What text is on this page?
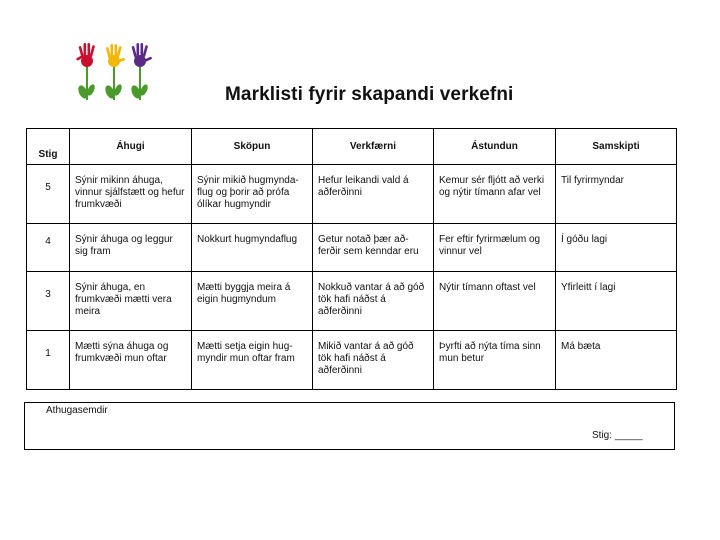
Marklisti fyrir skapandi verkefni
Stig	Áhugi	Sköpun	Verkfærni	Ástundun	Samskipti
5	Sýnir mikinn áhuga, vinnur sjálfstætt og hefur frumkvæði	Sýnir mikið hugmynda-flug og þorir að prófa ólíkar hugmyndir	Hefur leikandi vald á aðferðinni	Kemur sér fljótt að verki og nýtir tímann afar vel	Til fyrirmyndar
4	Sýnir áhuga og leggur sig fram	Nokkurt hugmyndaflug	Getur notað þær að-ferðir sem kenndar eru	Fer eftir fyrirmælum og vinnur vel	Í góðu lagi
3	Sýnir áhuga, en frumkvæði mætti vera meira	Mætti byggja meira á eigin hugmyndum	Nokkuð vantar á að góð tök hafi náðst á aðferðinni	Nýtir tímann oftast vel	Yfirleitt í lagi
1	Mætti sýna áhuga og frumkvæði mun oftar	Mætti setja eigin hug-myndir mun oftar fram	Mikið vantar á að góð tök hafi náðst á aðferðinni	Þyrfti að nýta tíma sinn mun betur	Má bæta
Athugasemdir
Stig: _____
